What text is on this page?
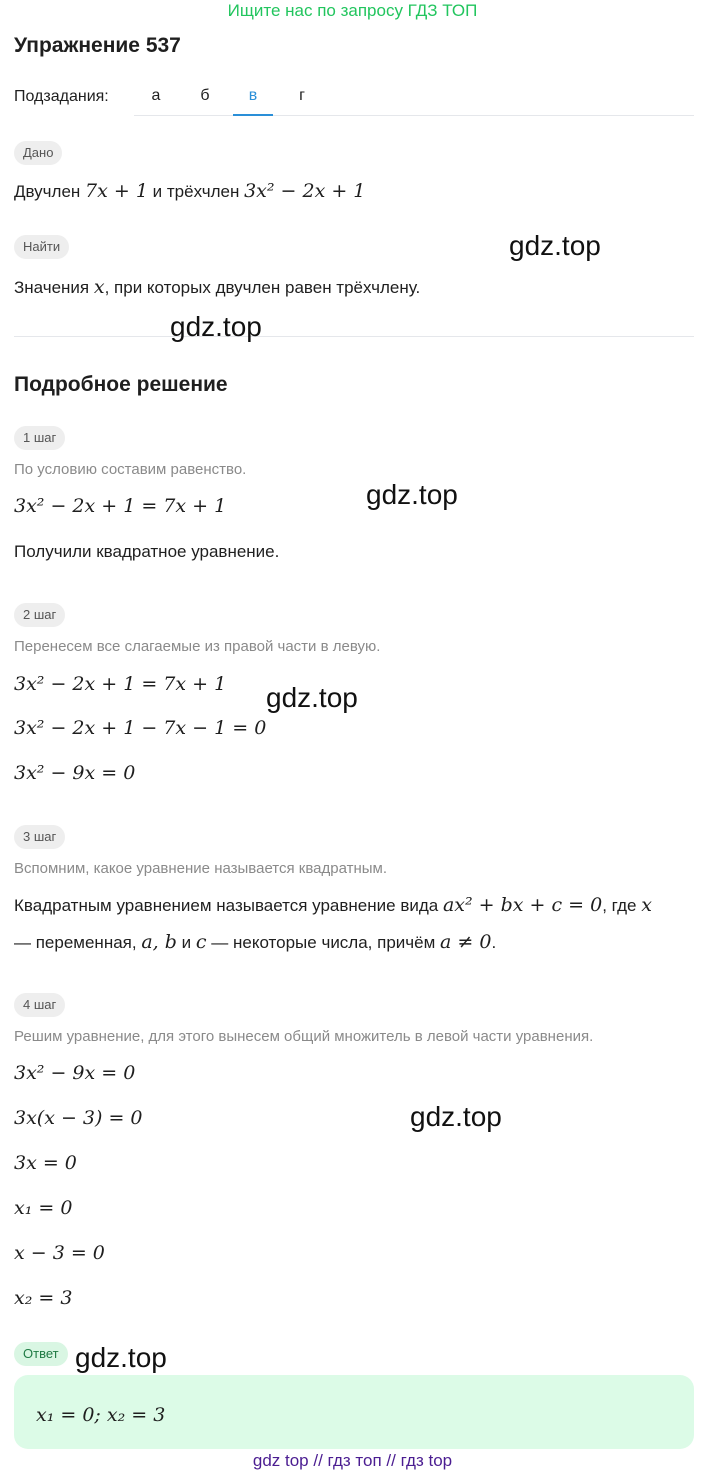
Ищите нас по запросу ГДЗ ТОП
Упражнение 537
Подзадания:	а	б	в	г
Дано
Двучлен 7x + 1 и трёхчлен 3x² − 2x + 1
Найти
Значения x, при которых двучлен равен трёхчлену.
Подробное решение
1 шаг
По условию составим равенство.
3x² − 2x + 1 = 7x + 1
Получили квадратное уравнение.
2 шаг
Перенесем все слагаемые из правой части в левую.
3x² − 2x + 1 = 7x + 1
3x² − 2x + 1 − 7x − 1 = 0
3x² − 9x = 0
3 шаг
Вспомним, какое уравнение называется квадратным.
Квадратным уравнением называется уравнение вида ax² + bx + c = 0, где x
— переменная, a, b и c — некоторые числа, причём a ≠ 0.
4 шаг
Решим уравнение, для этого вынесем общий множитель в левой части уравнения.
3x² − 9x = 0
3x(x − 3) = 0
3x = 0
x₁ = 0
x − 3 = 0
x₂ = 3
Ответ
x₁ = 0; x₂ = 3
gdz.top
gdz.top
gdz.top
gdz.top
gdz.top
gdz.top
gdz top // гдз топ // гдз top
